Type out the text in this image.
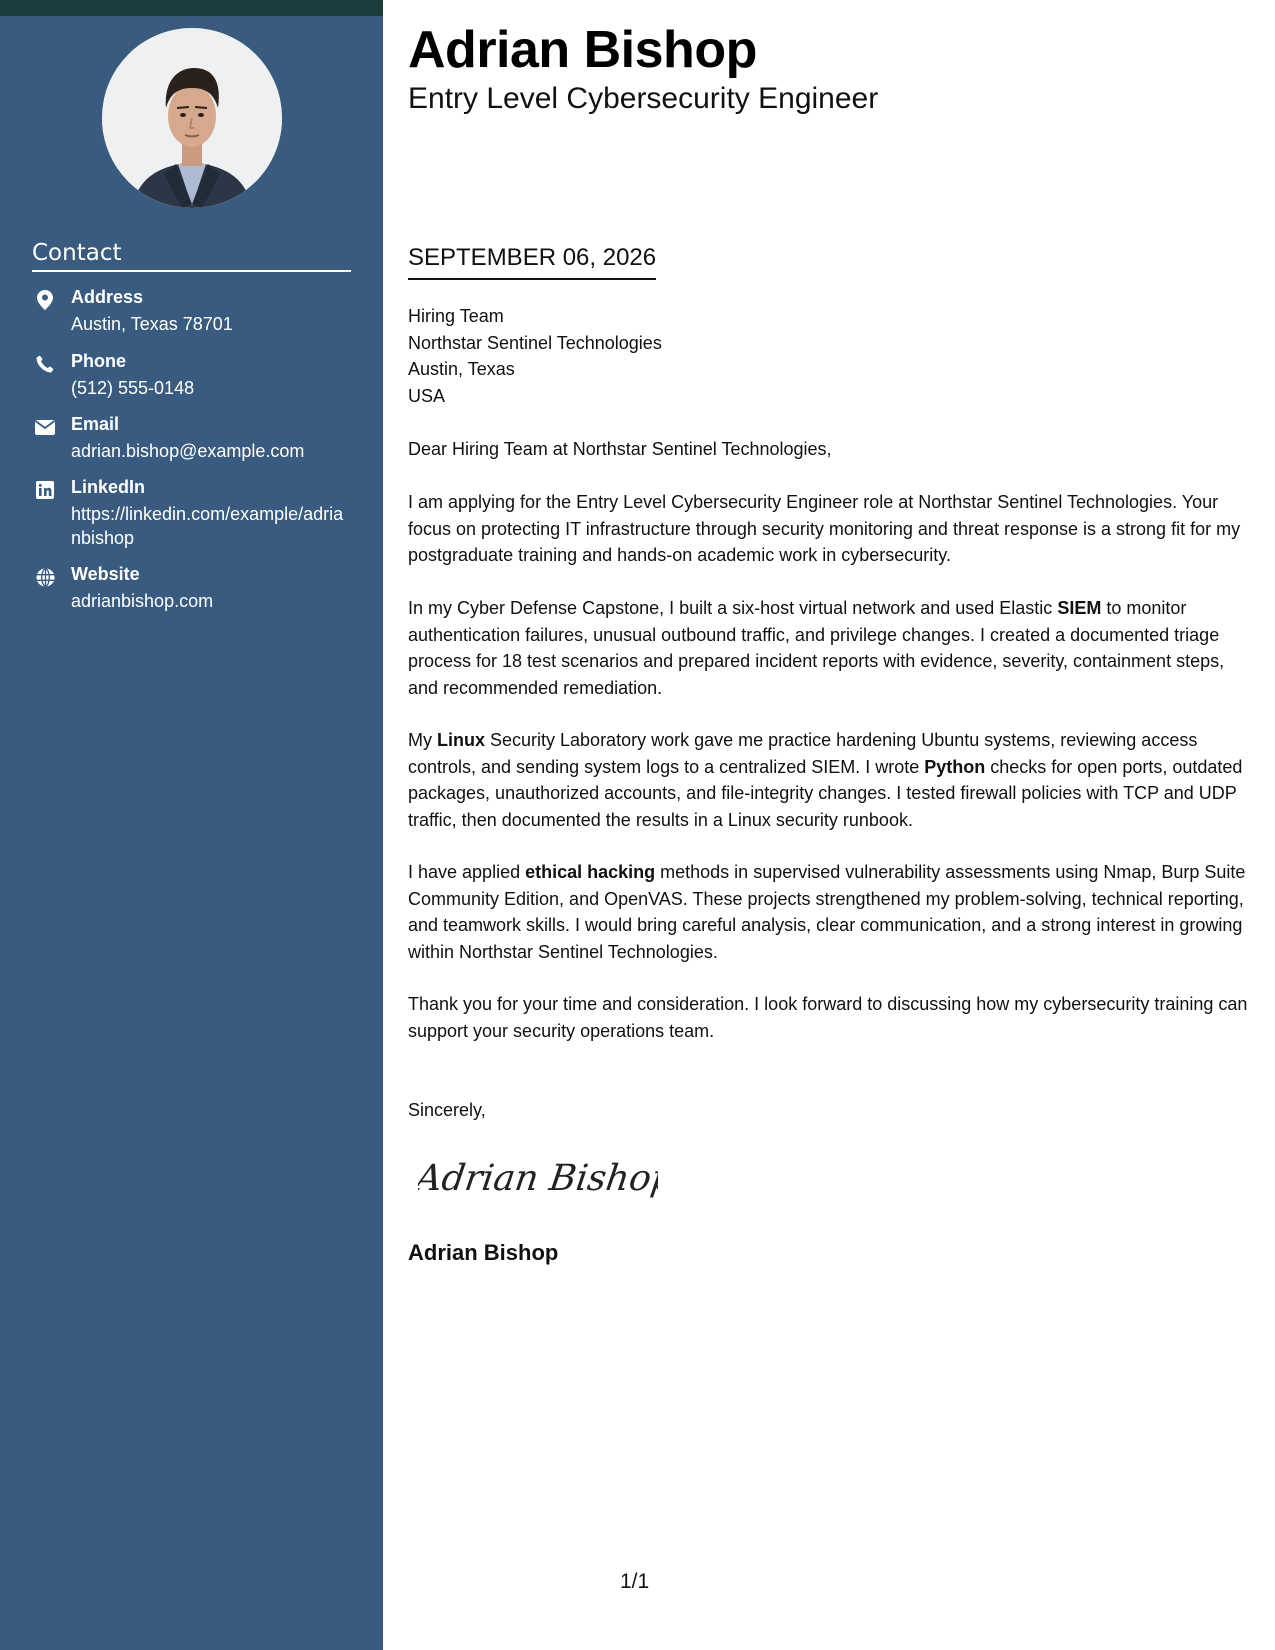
Contact
Address
Austin, Texas 78701
Phone
(512) 555-0148
Email
adrian.bishop@example.com
LinkedIn
https://linkedin.com/example/adrianbishop
Website
adrianbishop.com
Adrian Bishop
Entry Level Cybersecurity Engineer
SEPTEMBER 06, 2026
Hiring Team
Northstar Sentinel Technologies
Austin, Texas
USA
Dear Hiring Team at Northstar Sentinel Technologies,

I am applying for the Entry Level Cybersecurity Engineer role at Northstar Sentinel Technologies. Your focus on protecting IT infrastructure through security monitoring and threat response is a strong fit for my postgraduate training and hands-on academic work in cybersecurity.

In my Cyber Defense Capstone, I built a six-host virtual network and used Elastic SIEM to monitor authentication failures, unusual outbound traffic, and privilege changes. I created a documented triage process for 18 test scenarios and prepared incident reports with evidence, severity, containment steps, and recommended remediation.

My Linux Security Laboratory work gave me practice hardening Ubuntu systems, reviewing access controls, and sending system logs to a centralized SIEM. I wrote Python checks for open ports, outdated packages, unauthorized accounts, and file-integrity changes. I tested firewall policies with TCP and UDP traffic, then documented the results in a Linux security runbook.

I have applied ethical hacking methods in supervised vulnerability assessments using Nmap, Burp Suite Community Edition, and OpenVAS. These projects strengthened my problem-solving, technical reporting, and teamwork skills. I would bring careful analysis, clear communication, and a strong interest in growing within Northstar Sentinel Technologies.

Thank you for your time and consideration. I look forward to discussing how my cybersecurity training can support your security operations team.

Sincerely,
Adrian Bishop
Adrian Bishop
1/1
